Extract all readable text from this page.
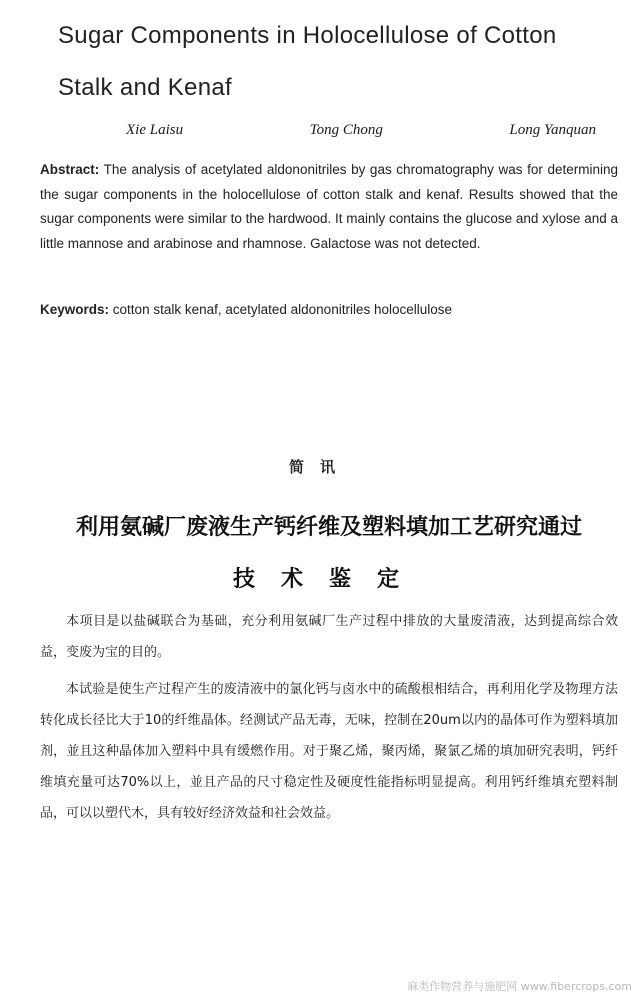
Sugar Components in Holocellulose of Cotton Stalk and Kenaf
Xie Laisu	Tong Chong	Long Yanquan
Abstract: The analysis of acetylated aldononitriles by gas chromatography was for determining the sugar components in the holocellulose of cotton stalk and kenaf. Results showed that the sugar components were similar to the hardwood. It mainly contains the glucose and xylose and a little mannose and arabinose and rhamnose. Galactose was not detected.
Keywords: cotton stalk kenaf, acetylated aldononitriles holocellulose
简讯
利用氨碱厂废液生产钙纤维及塑料填加工艺研究通过
技术鉴定

本项目是以盐碱联合为基础，充分利用氨碱厂生产过程中排放的大量废清液，达到提高综合效益，变废为宝的目的。

本试验是使生产过程产生的废清液中的氯化钙与卤水中的硫酸根相结合，再利用化学及物理方法转化成长径比大于10的纤维晶体。经测试产品无毒，无味，控制在20um以内的晶体可作为塑料填加剂，並且这种晶体加入塑料中具有缓燃作用。对于聚乙烯，聚丙烯，聚氯乙烯的填加研究表明，钙纤维填充量可达70%以上，並且产品的尺寸稳定性及硬度性能指标明显提高。利用钙纤维填充塑料制品，可以以塑代木，具有较好经济效益和社会效益。

麻类作物营养与施肥网 www.fibercrops.com
